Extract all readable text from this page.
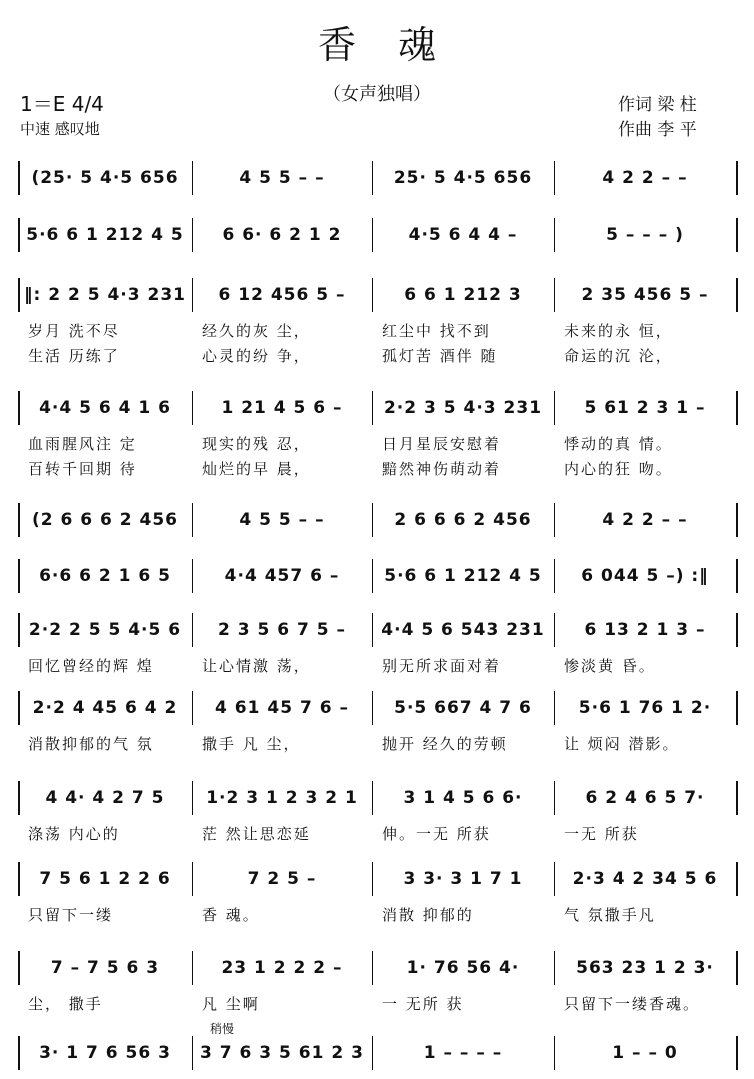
香魂
（女声独唱）
1＝E 4/4
中速 感叹地
作词 梁 柱
作曲 李 平
(25· 5 4·5 656	4 5 5 – –	25· 5 4·5 656	4 2 2 – –
5·6 6 1 212 4 5	6 6· 6 2 1 2	4·5 6 4 4 –	5 – – – )
‖: 2 2 5 4·3 231	6 12 456 5 –	6 6 1 212 3	2 35 456 5 –
岁月 洗不尽	经久的灰 尘，	红尘中 找不到	未来的永 恒，
生活 历练了	心灵的纷 争，	孤灯苦 酒伴 随	命运的沉 沦，
4·4 5 6 4 1 6	1 21 4 5 6 –	2·2 3 5 4·3 231	5 61 2 3 1 –
血雨腥风注 定	现实的残 忍，	日月星辰安慰着	悸动的真 情。
百转千回期 待	灿烂的早 晨，	黯然神伤萌动着	内心的狂 吻。
(2 6 6 6 2 456	4 5 5 – –	2 6 6 6 2 456	4 2 2 – –
6·6 6 2 1 6 5	4·4 457 6 –	5·6 6 1 212 4 5	6 044 5 –) :‖
2·2 2 5 5 4·5 6	2 3 5 6 7 5 –	4·4 5 6 543 231	6 13 2 1 3 –
回忆曾经的辉 煌	让心情激 荡，	别无所求面对着	惨淡黄 昏。
2·2 4 45 6 4 2	4 61 45 7 6 –	5·5 667 4 7 6	5·6 1 76 1 2·
消散抑郁的气 氛	撒手 凡 尘，	抛开 经久的劳顿	让 烦闷 潜影。
4 4· 4 2 7 5	1·2 3 1 2 3 2 1	3 1 4 5 6 6·	6 2 4 6 5 7·
涤荡 内心的	茫 然让思恋延	伸。一无 所获	一无 所获
7 5 6 1 2 2 6	7 2 5 –	3 3· 3 1 7 1	2·3 4 2 34 5 6
只留下一缕	香 魂。	消散 抑郁的	气 氛撒手凡
7 – 7 5 6 3	23 1 2 2 2 –	1· 76 56 4·	563 23 1 2 3·
尘， 撒手	凡 尘啊	一 无所 获	只留下一缕香魂。
3· 1 7 6 56 3	3 7 6 3 5 61 2 3	1 – – – –	1 – – 0
稍慢
